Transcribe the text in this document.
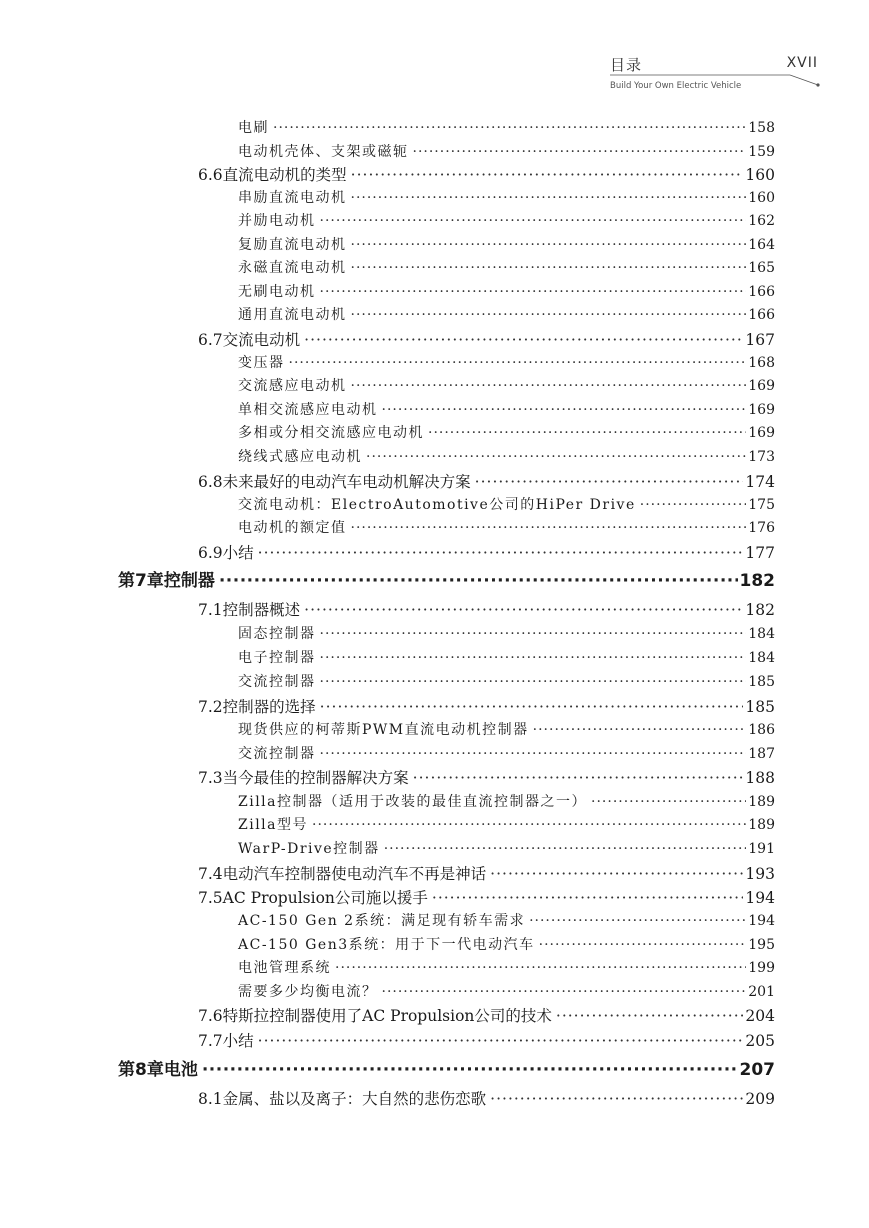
目录	XVII
Build Your Own Electric Vehicle
电刷 ·····	158
电动机壳体、支架或磁轭 ·····	159
6.6 直流电动机的类型 ·····	160
串励直流电动机 ·····	160
并励电动机 ·····	162
复励直流电动机 ·····	164
永磁直流电动机 ·····	165
无刷电动机 ·····	166
通用直流电动机 ·····	166
6.7 交流电动机 ·····	167
变压器 ·····	168
交流感应电动机 ·····	169
单相交流感应电动机 ·····	169
多相或分相交流感应电动机 ·····	169
绕线式感应电动机 ·····	173
6.8 未来最好的电动汽车电动机解决方案 ·····	174
交流电动机：ElectroAutomotive公司的HiPer Drive ·····	175
电动机的额定值 ·····	176
6.9 小结 ·····	177
第7章 控制器 ·····	182
7.1 控制器概述 ·····	182
固态控制器 ·····	184
电子控制器 ·····	184
交流控制器 ·····	185
7.2 控制器的选择 ·····	185
现货供应的柯蒂斯PWM直流电动机控制器 ·····	186
交流控制器 ·····	187
7.3 当今最佳的控制器解决方案 ·····	188
Zilla控制器（适用于改装的最佳直流控制器之一） ·····	189
Zilla型号 ·····	189
WarP-Drive控制器 ·····	191
7.4 电动汽车控制器使电动汽车不再是神话 ·····	193
7.5 AC Propulsion公司施以援手 ·····	194
AC-150 Gen 2系统：满足现有轿车需求 ·····	194
AC-150 Gen3系统：用于下一代电动汽车 ·····	195
电池管理系统 ·····	199
需要多少均衡电流？ ·····	201
7.6 特斯拉控制器使用了AC Propulsion公司的技术 ·····	204
7.7 小结 ·····	205
第8章 电池 ·····	207
8.1 金属、盐以及离子：大自然的悲伤恋歌 ·····	209
